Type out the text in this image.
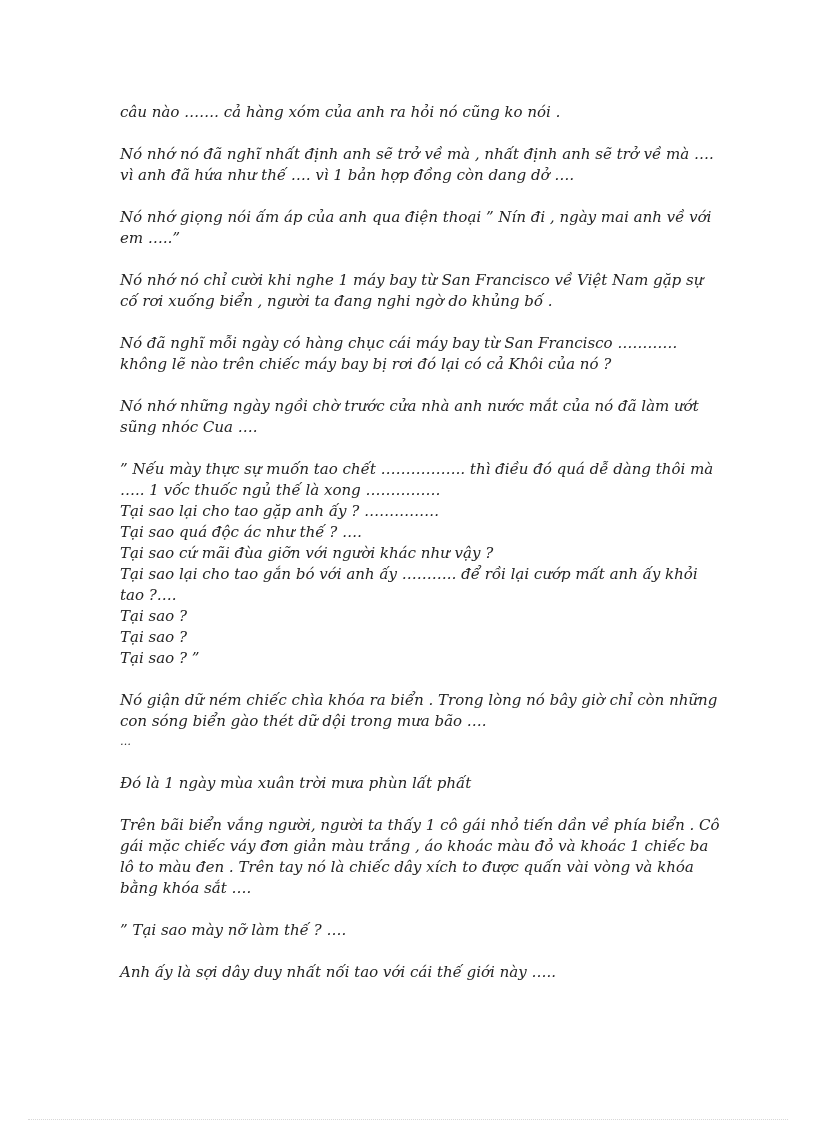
câu nào ……. cả hàng xóm của anh ra hỏi nó cũng ko nói .

Nó nhớ nó đã nghĩ nhất định anh sẽ trở về mà , nhất định anh sẽ trở về mà …. vì anh đã hứa như thế …. vì 1 bản hợp đồng còn dang dở ….

Nó nhớ giọng nói ấm áp của anh qua điện thoại ” Nín đi , ngày mai anh về với em …..”

Nó nhớ nó chỉ cười khi nghe 1 máy bay từ San Francisco về Việt Nam gặp sự cố rơi xuống biển , người ta đang nghi ngờ do khủng bố .

Nó đã nghĩ mỗi ngày có hàng chục cái máy bay từ San Francisco ………… không lẽ nào trên chiếc máy bay bị rơi đó lại có cả Khôi của nó ?

Nó nhớ những ngày ngồi chờ trước cửa nhà anh nước mắt của nó đã làm ướt sũng nhóc Cua ….

” Nếu mày thực sự muốn tao chết …………….. thì điều đó quá dễ dàng thôi mà ….. 1 vốc thuốc ngủ thế là xong ……………

Tại sao lại cho tao gặp anh ấy ? ……………

Tại sao quá độc ác như thế ? ….

Tại sao cứ mãi đùa giỡn với người khác như vậy ?

Tại sao lại cho tao gắn bó với anh ấy ……….. để rồi lại cướp mất anh ấy khỏi tao ?….

Tại sao ?

Tại sao ?

Tại sao ? ”

Nó giận dữ ném chiếc chìa khóa ra biển . Trong lòng nó bây giờ chỉ còn những con sóng biển gào thét dữ dội trong mưa bão ….

…

Đó là 1 ngày mùa xuân trời mưa phùn lất phất

Trên bãi biển vắng người, người ta thấy 1 cô gái nhỏ tiến dần về phía biển . Cô gái mặc chiếc váy đơn giản màu trắng , áo khoác màu đỏ và khoác 1 chiếc ba lô to màu đen . Trên tay nó là chiếc dây xích to được quấn vài vòng và khóa bằng khóa sắt ….

” Tại sao mày nỡ làm thế ? ….

Anh ấy là sợi dây duy nhất nối tao với cái thế giới này …..
